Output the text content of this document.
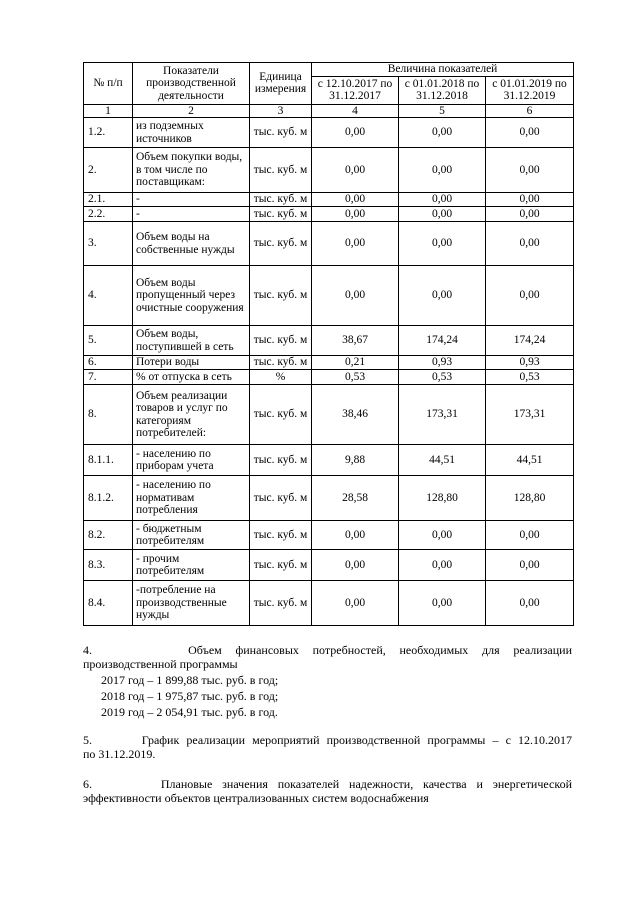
№ п/п	Показатели производственной деятельности	Единица измерения	Величина показателей		
			с 12.10.2017 по 31.12.2017	с 01.01.2018 по 31.12.2018	с 01.01.2019 по 31.12.2019
1	2	3	4	5	6
1.2.	из подземных источников	тыс. куб. м	0,00	0,00	0,00
2.	Объем покупки воды, в том числе по поставщикам:	тыс. куб. м	0,00	0,00	0,00
2.1.	-	тыс. куб. м	0,00	0,00	0,00
2.2.	-	тыс. куб. м	0,00	0,00	0,00
3.	Объем воды на собственные нужды	тыс. куб. м	0,00	0,00	0,00
4.	Объем воды пропущенный через очистные сооружения	тыс. куб. м	0,00	0,00	0,00
5.	Объем воды, поступившей в сеть	тыс. куб. м	38,67	174,24	174,24
6.	Потери воды	тыс. куб. м	0,21	0,93	0,93
7.	% от отпуска в сеть	%	0,53	0,53	0,53
8.	Объем реализации товаров и услуг по категориям потребителей:	тыс. куб. м	38,46	173,31	173,31
8.1.1.	- населению по приборам учета	тыс. куб. м	9,88	44,51	44,51
8.1.2.	- населению по нормативам потребления	тыс. куб. м	28,58	128,80	128,80
8.2.	- бюджетным потребителям	тыс. куб. м	0,00	0,00	0,00
8.3.	- прочим потребителям	тыс. куб. м	0,00	0,00	0,00
8.4.	-потребление на производственные нужды	тыс. куб. м	0,00	0,00	0,00
4.       Объем финансовых потребностей, необходимых для реализации
производственной программы
2017 год – 1 899,88 тыс. руб. в год;
2018 год – 1 975,87 тыс. руб. в год;
2019 год – 2 054,91 тыс. руб. в год.
5.       График реализации мероприятий производственной программы – с 12.10.2017
по 31.12.2019.
6.       Плановые значения показателей надежности, качества и энергетической
эффективности объектов централизованных систем водоснабжения
